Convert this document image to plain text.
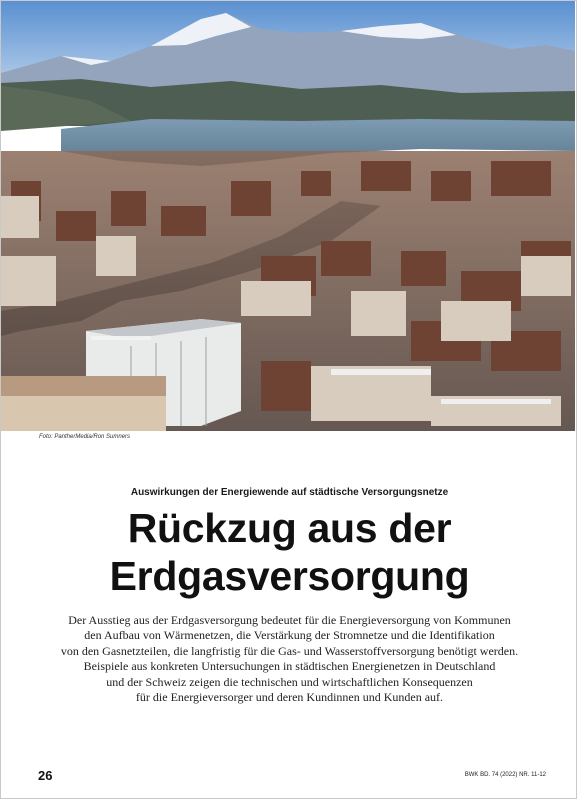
Foto: PantherMedia/Ron Sumners
Auswirkungen der Energiewende auf städtische Versorgungsnetze
Rückzug aus der
Erdgasversorgung
Der Ausstieg aus der Erdgasversorgung bedeutet für die Energieversorgung von Kommunen
den Aufbau von Wärmenetzen, die Verstärkung der Stromnetze und die Identifikation
von den Gasnetzteilen, die langfristig für die Gas- und Wasserstoffversorgung benötigt werden.
Beispiele aus konkreten Untersuchungen in städtischen Energienetzen in Deutschland
und der Schweiz zeigen die technischen und wirtschaftlichen Konsequenzen
für die Energieversorger und deren Kundinnen und Kunden auf.
26	BWK BD. 74 (2022) NR. 11-12
